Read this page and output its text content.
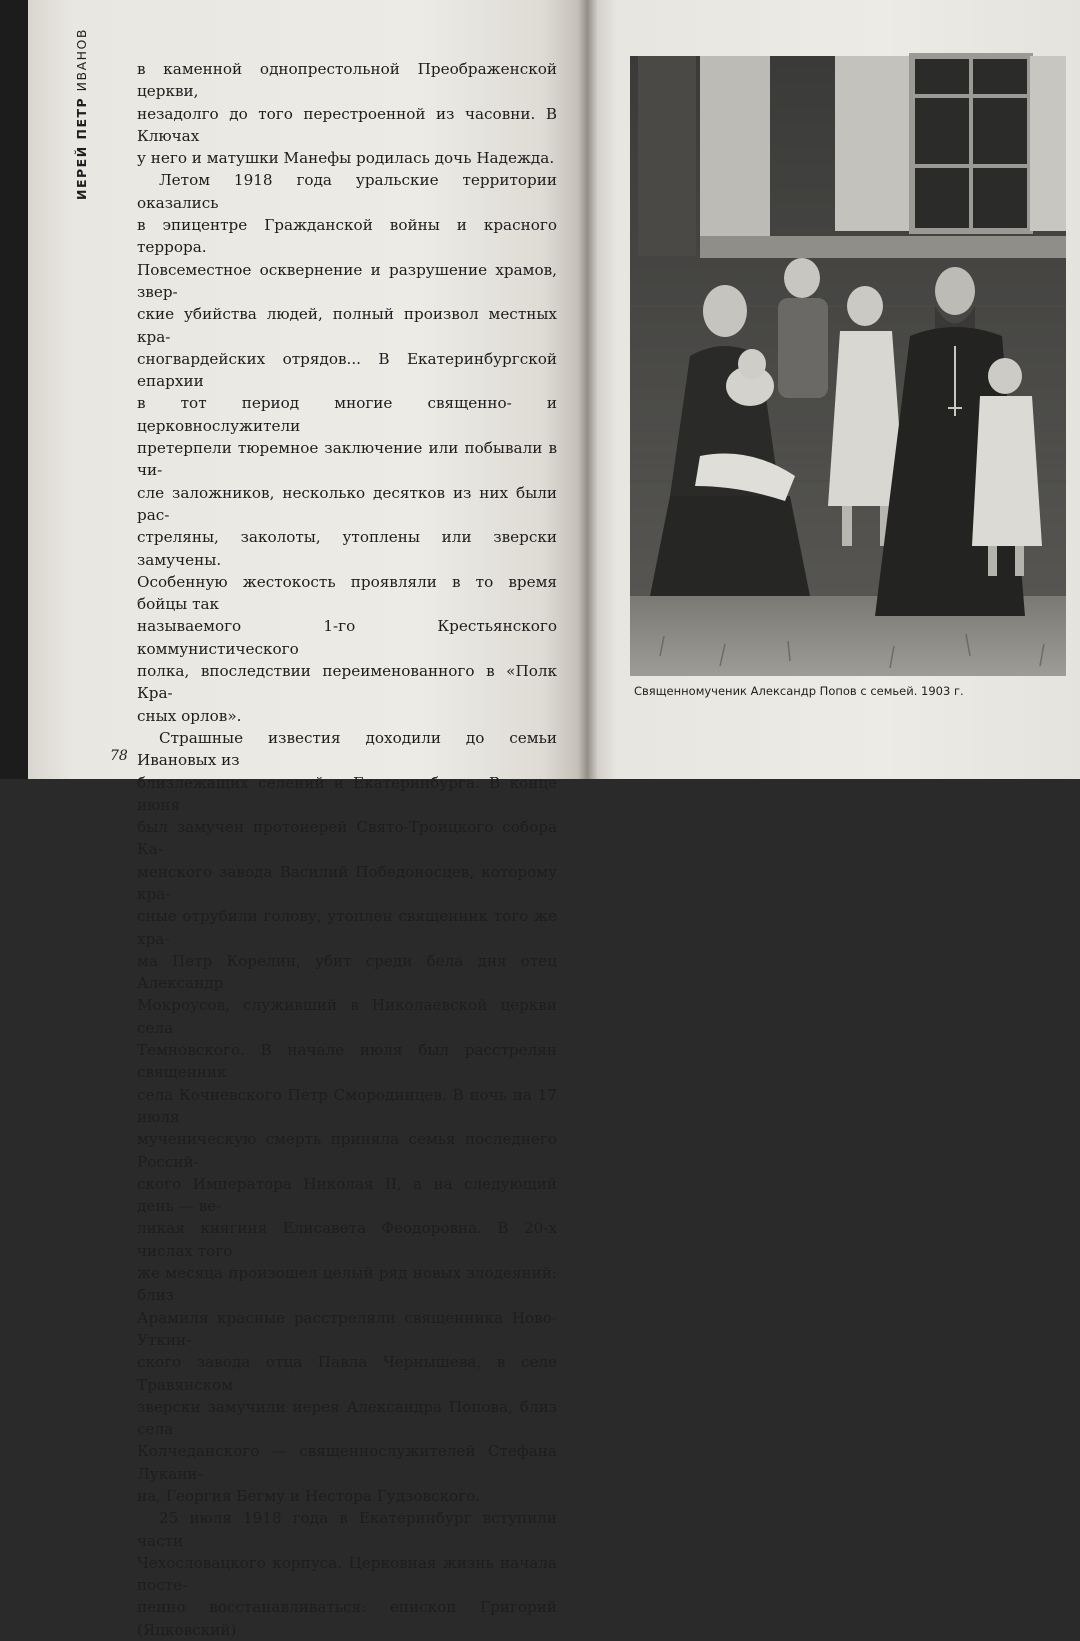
ИЕРЕЙ ПЕТР ИВАНОВ	в каменной однопрестольной Преображенской церкви,

незадолго до того перестроенной из часовни. В Ключах

у него и матушки Манефы родилась дочь Надежда.

Летом 1918 года уральские территории оказались

в эпицентре Гражданской войны и красного террора.

Повсеместное осквернение и разрушение храмов, звер-

ские убийства людей, полный произвол местных кра-

сногвардейских отрядов... В Екатеринбургской епархии

в тот период многие священно- и церковнослужители

претерпели тюремное заключение или побывали в чи-

сле заложников, несколько десятков из них были рас-

стреляны, заколоты, утоплены или зверски замучены.

Особенную жестокость проявляли в то время бойцы так

называемого 1-го Крестьянского коммунистического

полка, впоследствии переименованного в «Полк Кра-

сных орлов».

Страшные известия доходили до семьи Ивановых из

близлежащих селений и Екатеринбурга. В конце июня

был замучен протоиерей Свято-Троицкого собора Ка-

менского завода Василий Победоносцев, которому кра-

сные отрубили голову, утоплен священник того же хра-

ма Петр Корелин, убит среди бела дня отец Александр

Мокроусов, служивший в Николаевской церкви села

Темновского. В начале июля был расстрелян священник

села Кочневского Петр Смородинцев. В ночь на 17 июля

мученическую смерть приняла семья последнего Россий-

ского Императора Николая II, а на следующий день — ве-

ликая княгиня Елисавета Феодоровна. В 20-х числах того

же месяца произошел целый ряд новых злодеяний: близ

Арамиля красные расстреляли священника Ново-Уткин-

ского завода отца Павла Чернышева, в селе Травянском

зверски замучили иерея Александра Попова, близ села

Колчеданского — священнослужителей Стефана Лукани-

на, Георгия Бегму и Нестора Гудзовского.

25 июля 1918 года в Екатеринбург вступили части

Чехословацкого корпуса. Церковная жизнь начала посте-

пенно восстанавливаться: епископ Григорий (Яцковский)

78
Священномученик Александр Попов с семьей. 1903 г.
